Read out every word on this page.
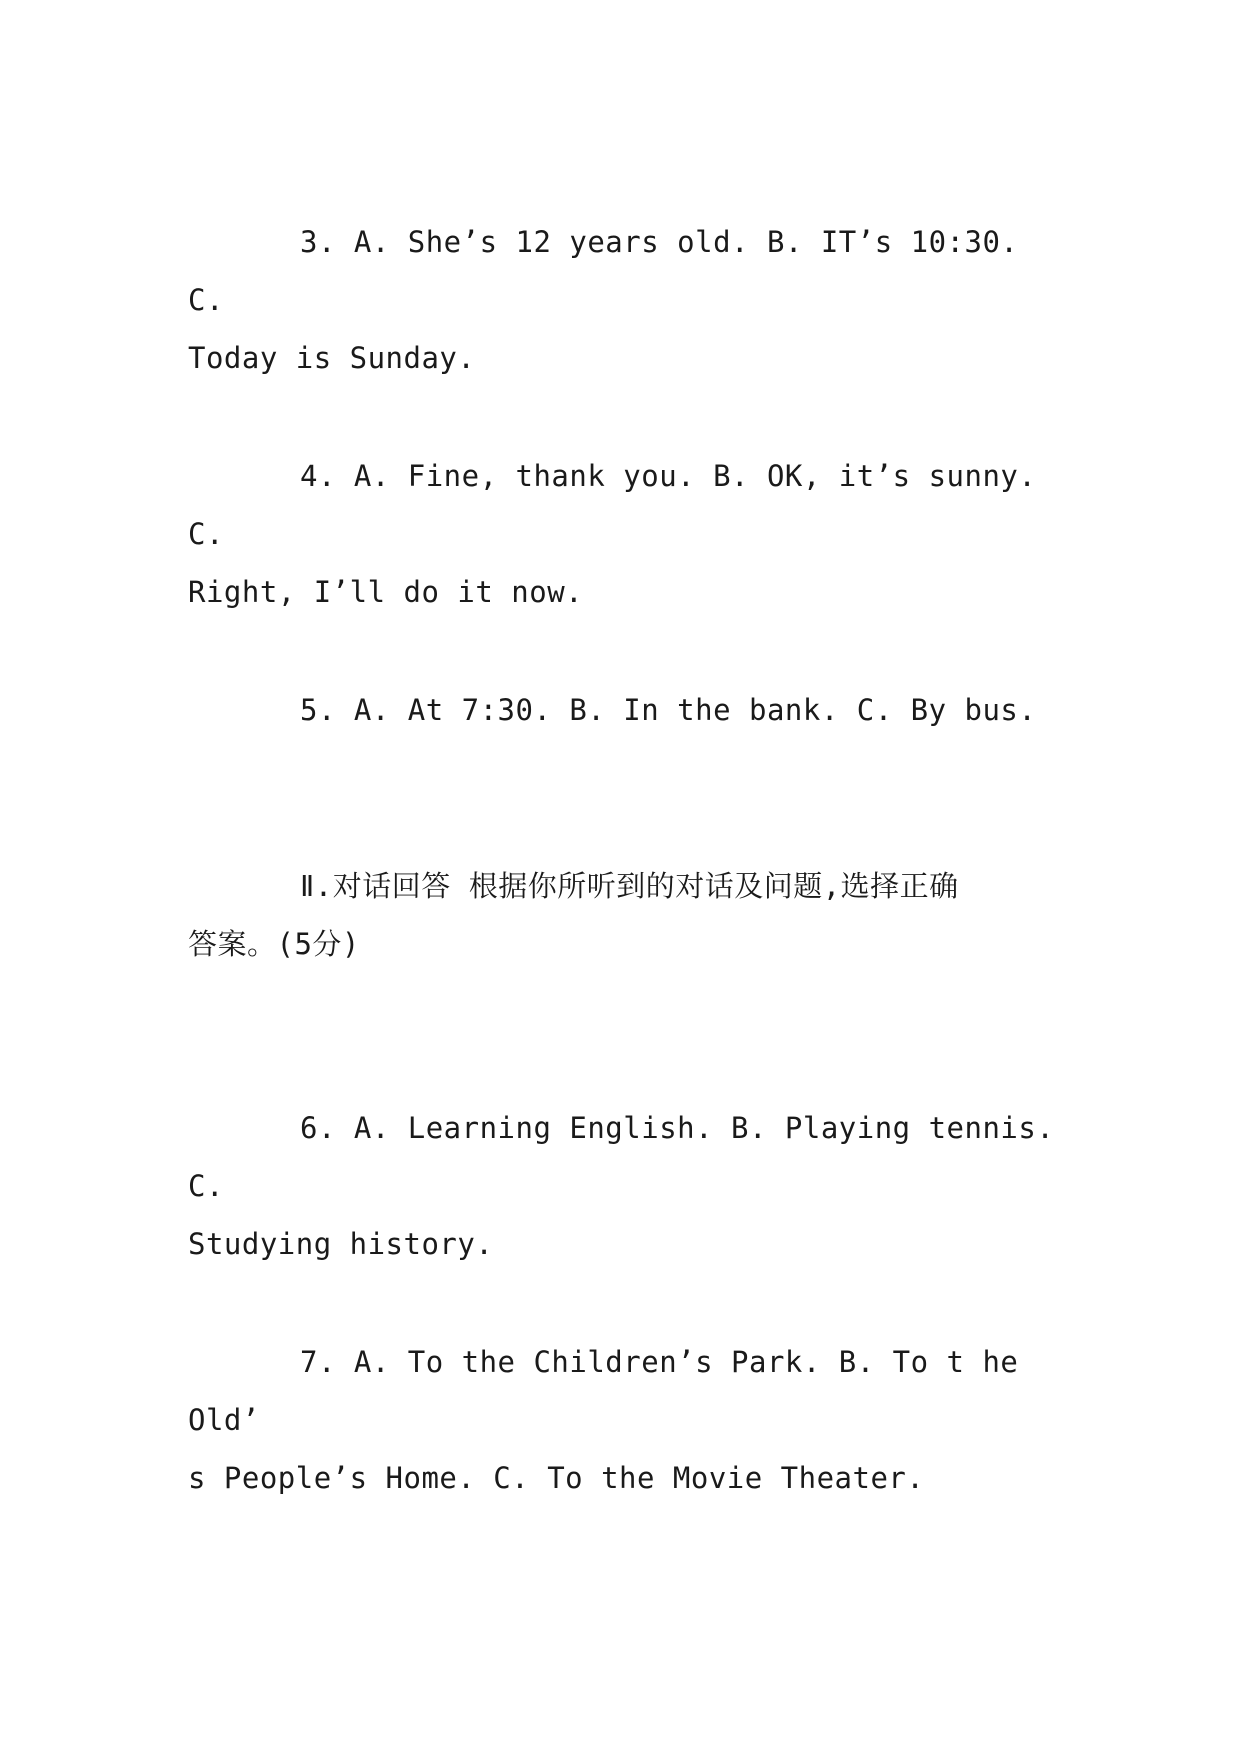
3. A. She’s 12 years old. B. IT’s 10:30. C.
Today is Sunday.
4. A. Fine, thank you. B. OK, it’s sunny. C.
Right, I’ll do it now.
5. A. At 7:30. B. In the bank. C. By bus.
Ⅱ.对话回答 根据你所听到的对话及问题,选择正确
答案。(5分)
6. A. Learning English. B. Playing tennis. C.
Studying history.
7. A. To the Children’s Park. B. To t he Old’
s People’s Home. C. To the Movie Theater.
